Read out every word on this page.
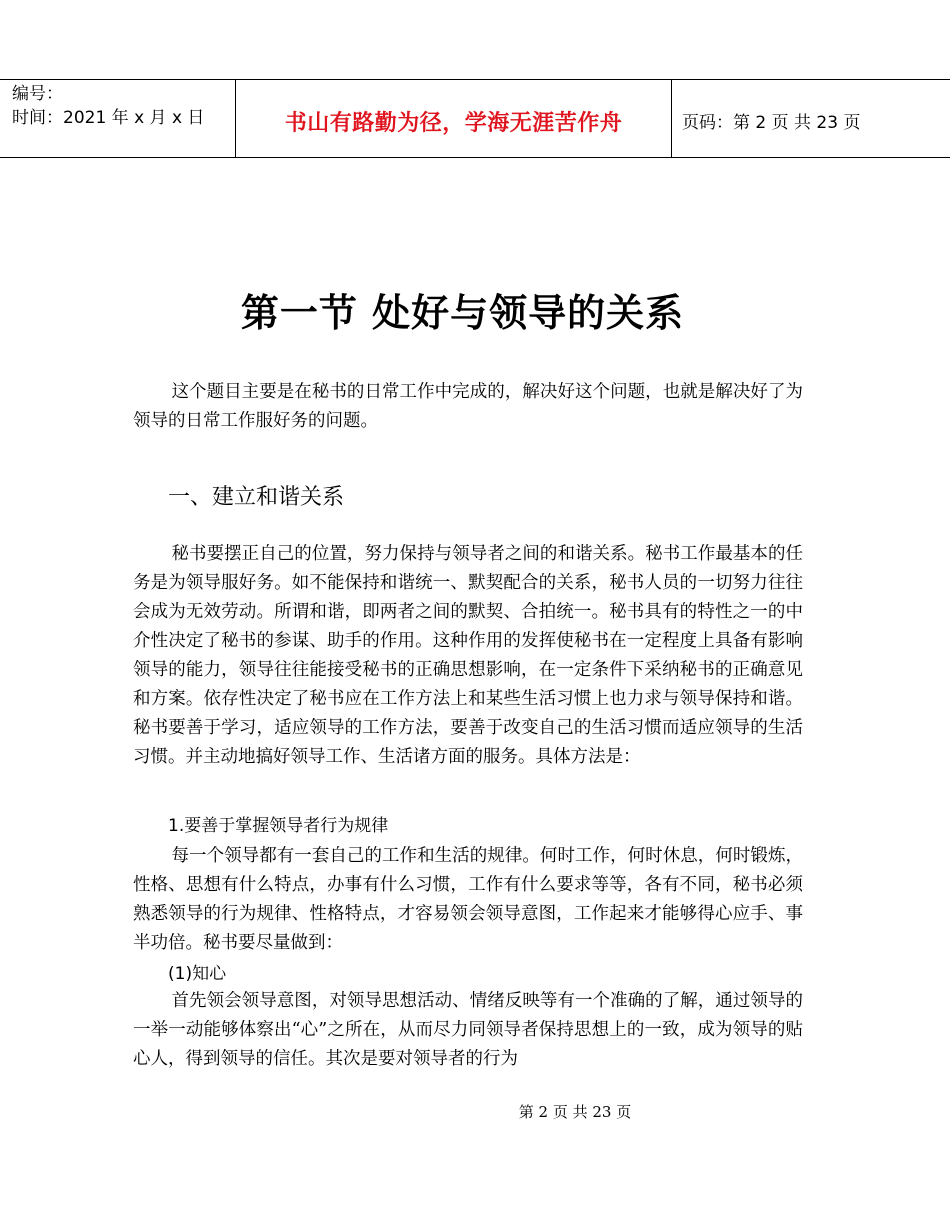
编号：
时间：2021 年 x 月 x 日	书山有路勤为径，学海无涯苦作舟	页码：第 2 页 共 23 页
第一节 处好与领导的关系

这个题目主要是在秘书的日常工作中完成的，解决好这个问题，也就是解决好了为领导的日常工作服好务的问题。

一、建立和谐关系

秘书要摆正自己的位置，努力保持与领导者之间的和谐关系。秘书工作最基本的任务是为领导服好务。如不能保持和谐统一、默契配合的关系，秘书人员的一切努力往往会成为无效劳动。所谓和谐，即两者之间的默契、合拍统一。秘书具有的特性之一的中介性决定了秘书的参谋、助手的作用。这种作用的发挥使秘书在一定程度上具备有影响领导的能力，领导往往能接受秘书的正确思想影响，在一定条件下采纳秘书的正确意见和方案。依存性决定了秘书应在工作方法上和某些生活习惯上也力求与领导保持和谐。秘书要善于学习，适应领导的工作方法，要善于改变自己的生活习惯而适应领导的生活习惯。并主动地搞好领导工作、生活诸方面的服务。具体方法是：

1.要善于掌握领导者行为规律

每一个领导都有一套自己的工作和生活的规律。何时工作，何时休息，何时锻炼，性格、思想有什么特点，办事有什么习惯，工作有什么要求等等，各有不同，秘书必须熟悉领导的行为规律、性格特点，才容易领会领导意图，工作起来才能够得心应手、事半功倍。秘书要尽量做到：

(1)知心

首先领会领导意图，对领导思想活动、情绪反映等有一个准确的了解，通过领导的一举一动能够体察出“心”之所在，从而尽力同领导者保持思想上的一致，成为领导的贴心人，得到领导的信任。其次是要对领导者的行为

第 2 页 共 23 页
